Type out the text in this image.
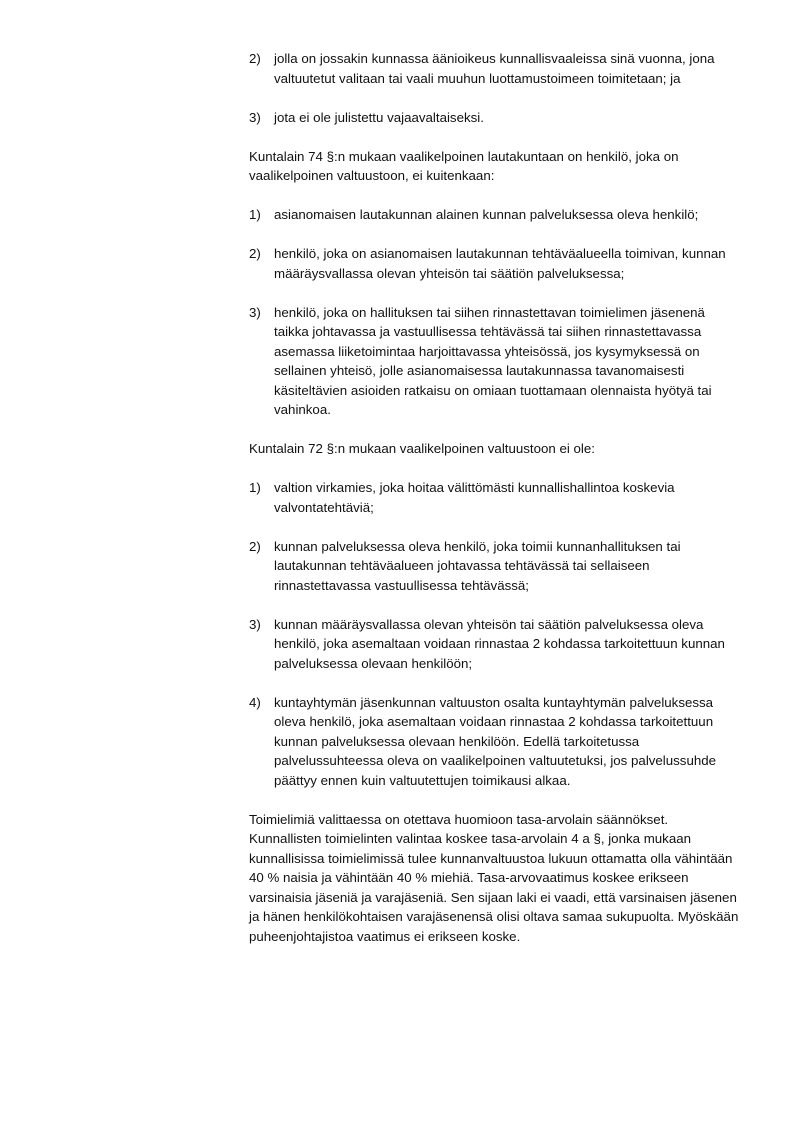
2) jolla on jossakin kunnassa äänioikeus kunnallisvaaleissa sinä vuonna, jona valtuutetut valitaan tai vaali muuhun luottamustoimeen toimitetaan; ja
3) jota ei ole julistettu vajaavaltaiseksi.

Kuntalain 74 §:n mukaan vaalikelpoinen lautakuntaan on henkilö, joka on vaalikelpoinen valtuustoon, ei kuitenkaan:

1) asianomaisen lautakunnan alainen kunnan palveluksessa oleva henkilö;
2) henkilö, joka on asianomaisen lautakunnan tehtäväalueella toimivan, kunnan määräysvallassa olevan yhteisön tai säätiön palveluksessa;
3) henkilö, joka on hallituksen tai siihen rinnastettavan toimielimen jäsenenä taikka johtavassa ja vastuullisessa tehtävässä tai siihen rinnastettavassa asemassa liiketoimintaa harjoittavassa yhteisössä, jos kysymyksessä on sellainen yhteisö, jolle asianomaisessa lautakunnassa tavanomaisesti käsiteltävien asioiden ratkaisu on omiaan tuottamaan olennaista hyötyä tai vahinkoa.

Kuntalain 72 §:n mukaan vaalikelpoinen valtuustoon ei ole:

1) valtion virkamies, joka hoitaa välittömästi kunnallishallintoa koskevia valvontatehtäviä;
2) kunnan palveluksessa oleva henkilö, joka toimii kunnanhallituksen tai lautakunnan tehtäväalueen johtavassa tehtävässä tai sellaiseen rinnastettavassa vastuullisessa tehtävässä;
3) kunnan määräysvallassa olevan yhteisön tai säätiön palveluksessa oleva henkilö, joka asemaltaan voidaan rinnastaa 2 kohdassa tarkoitettuun kunnan palveluksessa olevaan henkilöön;
4) kuntayhtymän jäsenkunnan valtuuston osalta kuntayhtymän palveluksessa oleva henkilö, joka asemaltaan voidaan rinnastaa 2 kohdassa tarkoitettuun kunnan palveluksessa olevaan henkilöön. Edellä tarkoitetussa palvelussuhteessa oleva on vaalikelpoinen valtuutetuksi, jos palvelussuhde päättyy ennen kuin valtuutettujen toimikausi alkaa.

Toimielimiä valittaessa on otettava huomioon tasa-arvolain säännökset. Kunnallisten toimielinten valintaa koskee tasa-arvolain 4 a §, jonka mukaan kunnallisissa toimielimissä tulee kunnanvaltuustoa lukuun ottamatta olla vähintään 40 % naisia ja vähintään 40 % miehiä. Tasa-arvovaatimus koskee erikseen varsinaisia jäseniä ja varajäseniä. Sen sijaan laki ei vaadi, että varsinaisen jäsenen ja hänen henkilökohtaisen varajäsenensä olisi oltava samaa sukupuolta. Myöskään puheenjohtajistoa vaatimus ei erikseen koske.
